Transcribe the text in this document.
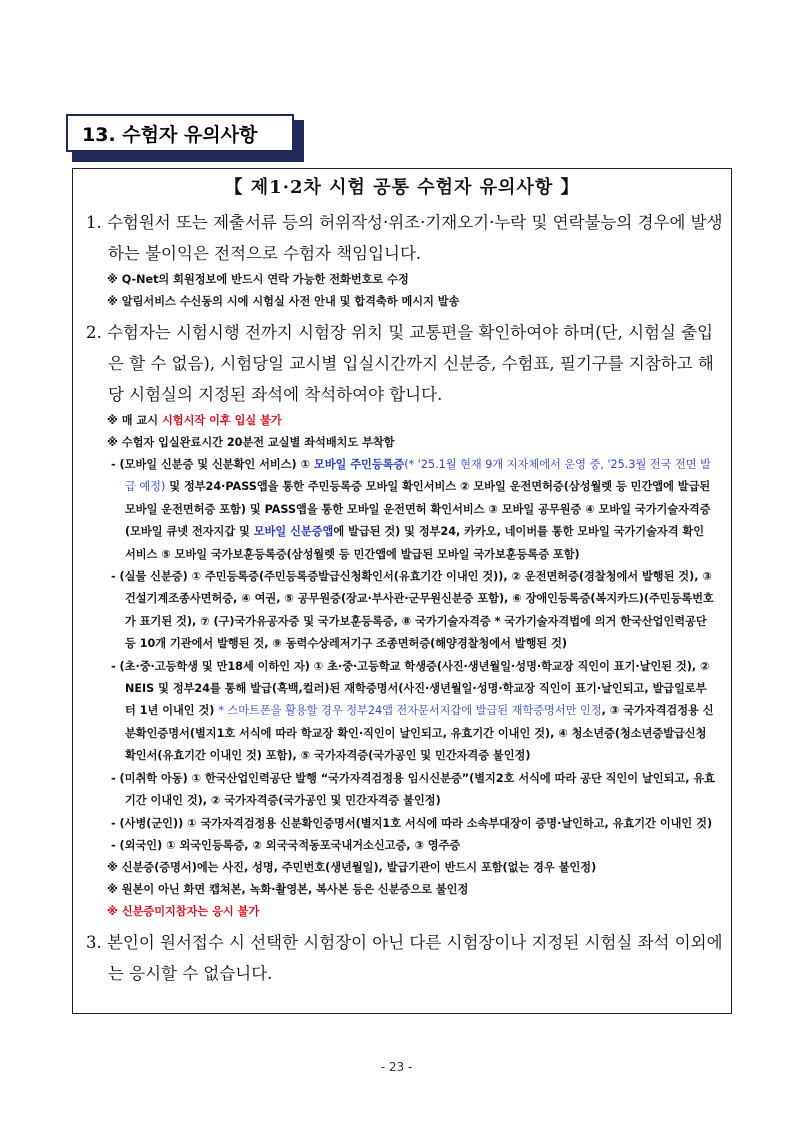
13. 수험자 유의사항
【 제1·2차 시험 공통 수험자 유의사항 】
1. 수험원서 또는 제출서류 등의 허위작성·위조·기재오기·누락 및 연락불능의 경우에 발생하는 불이익은 전적으로 수험자 책임입니다.
※ Q-Net의 회원정보에 반드시 연락 가능한 전화번호로 수정
※ 알림서비스 수신동의 시에 시험실 사전 안내 및 합격축하 메시지 발송
2. 수험자는 시험시행 전까지 시험장 위치 및 교통편을 확인하여야 하며(단, 시험실 출입은 할 수 없음), 시험당일 교시별 입실시간까지 신분증, 수험표, 필기구를 지참하고 해당 시험실의 지정된 좌석에 착석하여야 합니다.
※ 매 교시 시험시작 이후 입실 불가
※ 수험자 입실완료시간 20분전 교실별 좌석배치도 부착함
- (모바일 신분증 및 신분확인 서비스) ① 모바일 주민등록증(* '25.1월 현재 9개 지자체에서 운영 중, '25.3월 전국 전면 발급 예정) 및 정부24·PASS앱을 통한 주민등록증 모바일 확인서비스 ② 모바일 운전면허증(삼성월렛 등 민간앱에 발급된 모바일 운전면허증 포함) 및 PASS앱을 통한 모바일 운전면허 확인서비스 ③ 모바일 공무원증 ④ 모바일 국가기술자격증(모바일 큐넷 전자지갑 및 모바일 신분증앱에 발급된 것) 및 정부24, 카카오, 네이버를 통한 모바일 국가기술자격 확인 서비스 ⑤ 모바일 국가보훈등록증(삼성월렛 등 민간앱에 발급된 모바일 국가보훈등록증 포함)
- (실물 신분증) ① 주민등록증(주민등록증발급신청확인서(유효기간 이내인 것)), ② 운전면허증(경찰청에서 발행된 것), ③ 건설기계조종사면허증, ④ 여권, ⑤ 공무원증(장교·부사관·군무원신분증 포함), ⑥ 장애인등록증(복지카드)(주민등록번호가 표기된 것), ⑦ (구)국가유공자증 및 국가보훈등록증, ⑧ 국가기술자격증 * 국가기술자격법에 의거 한국산업인력공단 등 10개 기관에서 발행된 것, ⑨ 동력수상레저기구 조종면허증(해양경찰청에서 발행된 것)
- (초·중·고등학생 및 만18세 이하인 자) ① 초·중·고등학교 학생증(사진·생년월일·성명·학교장 직인이 표기·날인된 것), ② NEIS 및 정부24를 통해 발급(흑백,컬러)된 재학증명서(사진·생년월일·성명·학교장 직인이 표기·날인되고, 발급일로부터 1년 이내인 것) * 스마트폰을 활용할 경우 정부24앱 전자문서지갑에 발급된 재학증명서만 인정, ③ 국가자격검정용 신분확인증명서(별지1호 서식에 따라 학교장 확인·직인이 날인되고, 유효기간 이내인 것), ④ 청소년증(청소년증발급신청확인서(유효기간 이내인 것) 포함), ⑤ 국가자격증(국가공인 및 민간자격증 불인정)
- (미취학 아동) ① 한국산업인력공단 발행 “국가자격검정용 임시신분증”(별지2호 서식에 따라 공단 직인이 날인되고, 유효기간 이내인 것), ② 국가자격증(국가공인 및 민간자격증 불인정)
- (사병(군인)) ① 국가자격검정용 신분확인증명서(별지1호 서식에 따라 소속부대장이 증명·날인하고, 유효기간 이내인 것)
- (외국인) ① 외국인등록증, ② 외국국적동포국내거소신고증, ③ 영주증
※ 신분증(증명서)에는 사진, 성명, 주민번호(생년월일), 발급기관이 반드시 포함(없는 경우 불인정)
※ 원본이 아닌 화면 캡쳐본, 녹화·촬영본, 복사본 등은 신분증으로 불인정
※ 신분증미지참자는 응시 불가
3. 본인이 원서접수 시 선택한 시험장이 아닌 다른 시험장이나 지정된 시험실 좌석 이외에는 응시할 수 없습니다.
- 23 -
